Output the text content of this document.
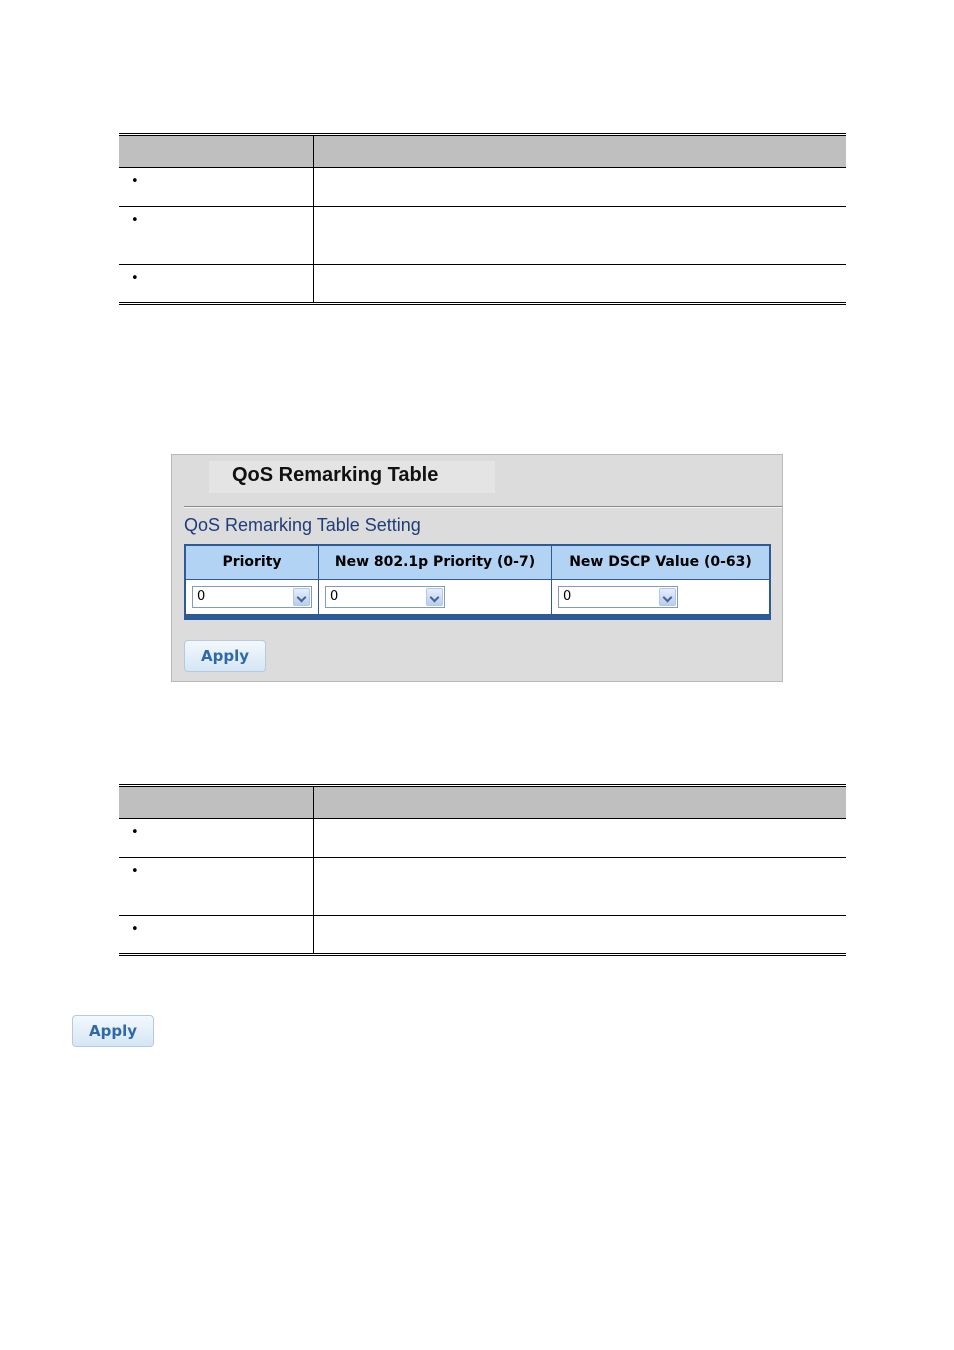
•	
•	
•	
QoS Remarking Table
QoS Remarking Table Setting
Priority	New 802.1p Priority (0-7)	New DSCP Value (0-63)

0	0	0
Apply

•	
•	
•	
Apply
